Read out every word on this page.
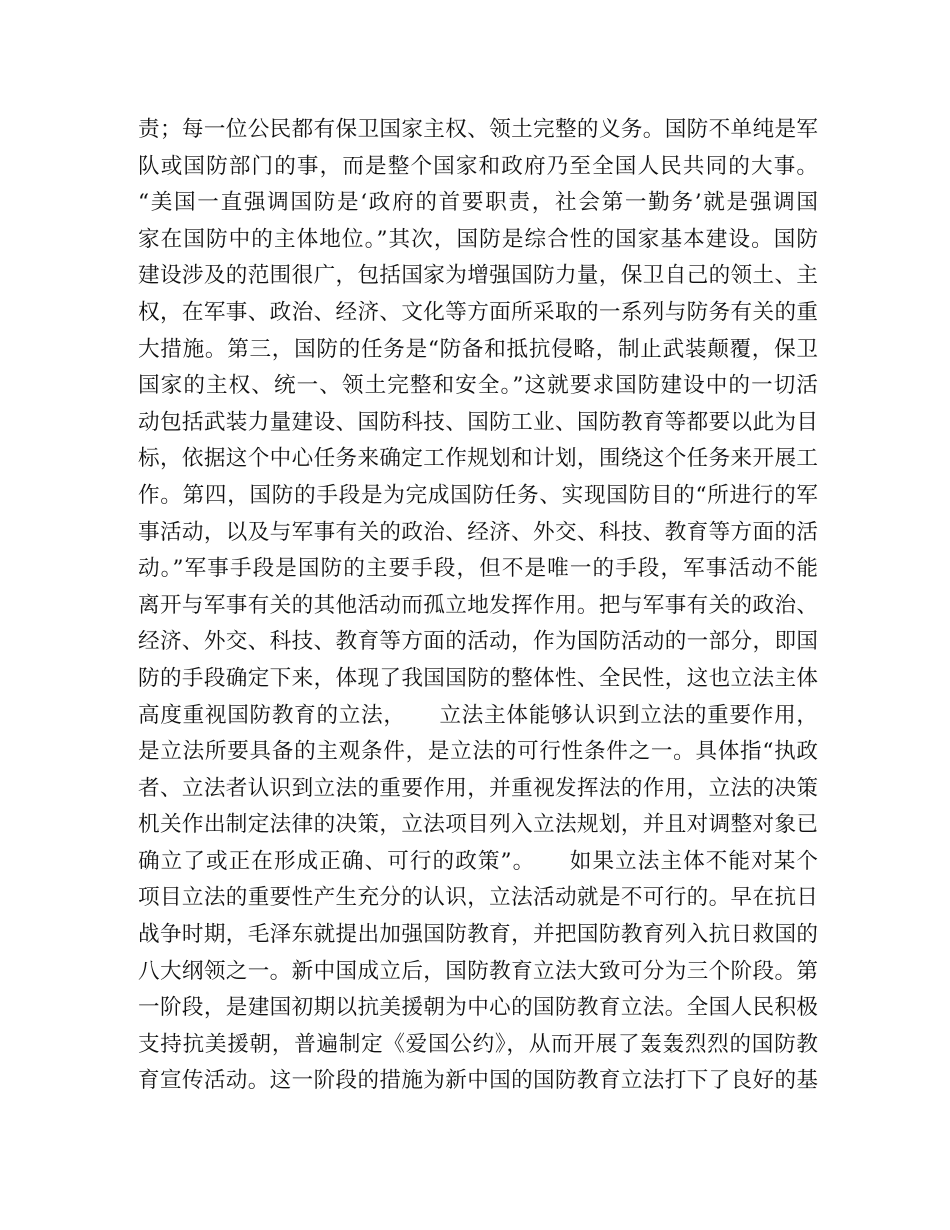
责；每一位公民都有保卫国家主权、领土完整的义务。国防不单纯是军
队或国防部门的事，而是整个国家和政府乃至全国人民共同的大事。
“美国一直强调国防是‘政府的首要职责，社会第一勤务’就是强调国
家在国防中的主体地位。”其次，国防是综合性的国家基本建设。国防
建设涉及的范围很广，包括国家为增强国防力量，保卫自己的领土、主
权，在军事、政治、经济、文化等方面所采取的一系列与防务有关的重
大措施。第三，国防的任务是“防备和抵抗侵略，制止武装颠覆，保卫
国家的主权、统一、领土完整和安全。”这就要求国防建设中的一切活
动包括武装力量建设、国防科技、国防工业、国防教育等都要以此为目
标，依据这个中心任务来确定工作规划和计划，围绕这个任务来开展工
作。第四，国防的手段是为完成国防任务、实现国防目的“所进行的军
事活动，以及与军事有关的政治、经济、外交、科技、教育等方面的活
动。”军事手段是国防的主要手段，但不是唯一的手段，军事活动不能
离开与军事有关的其他活动而孤立地发挥作用。把与军事有关的政治、
经济、外交、科技、教育等方面的活动，作为国防活动的一部分，即国
防的手段确定下来，体现了我国国防的整体性、全民性，这也立法主体
高度重视国防教育的立法，　　立法主体能够认识到立法的重要作用，
是立法所要具备的主观条件，是立法的可行性条件之一。具体指“执政
者、立法者认识到立法的重要作用，并重视发挥法的作用，立法的决策
机关作出制定法律的决策，立法项目列入立法规划，并且对调整对象已
确立了或正在形成正确、可行的政策”。　　如果立法主体不能对某个
项目立法的重要性产生充分的认识，立法活动就是不可行的。早在抗日
战争时期，毛泽东就提出加强国防教育，并把国防教育列入抗日救国的
八大纲领之一。新中国成立后，国防教育立法大致可分为三个阶段。第
一阶段，是建国初期以抗美援朝为中心的国防教育立法。全国人民积极
支持抗美援朝，普遍制定《爱国公约》，从而开展了轰轰烈烈的国防教
育宣传活动。这一阶段的措施为新中国的国防教育立法打下了良好的基
